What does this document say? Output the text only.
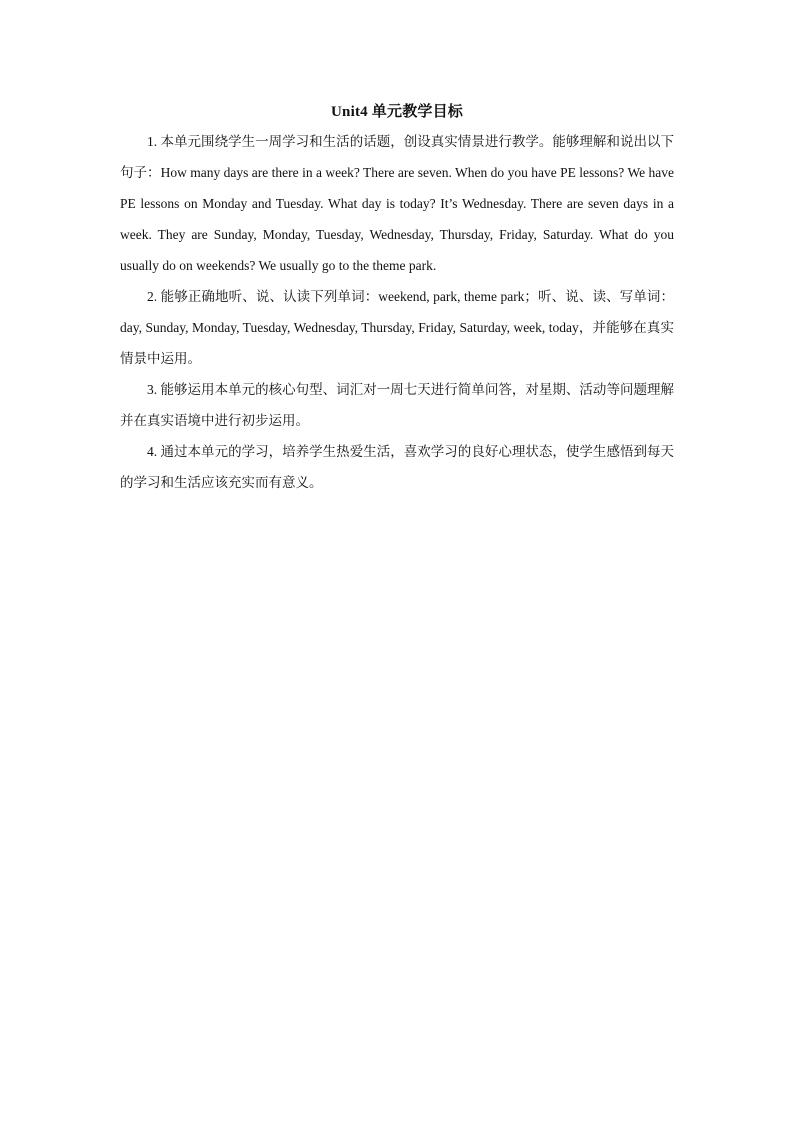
Unit4 单元教学目标

1. 本单元围绕学生一周学习和生活的话题，创设真实情景进行教学。能够理解和说出以下句子：How many days are there in a week? There are seven. When do you have PE lessons? We have PE lessons on Monday and Tuesday. What day is today? It’s Wednesday. There are seven days in a week. They are Sunday, Monday, Tuesday, Wednesday, Thursday, Friday, Saturday. What do you usually do on weekends? We usually go to the theme park.

2. 能够正确地听、说、认读下列单词：weekend, park, theme park；听、说、读、写单词：day, Sunday, Monday, Tuesday, Wednesday, Thursday, Friday, Saturday, week, today，并能够在真实情景中运用。

3. 能够运用本单元的核心句型、词汇对一周七天进行简单问答，对星期、活动等问题理解并在真实语境中进行初步运用。

4. 通过本单元的学习，培养学生热爱生活，喜欢学习的良好心理状态，使学生感悟到每天的学习和生活应该充实而有意义。
